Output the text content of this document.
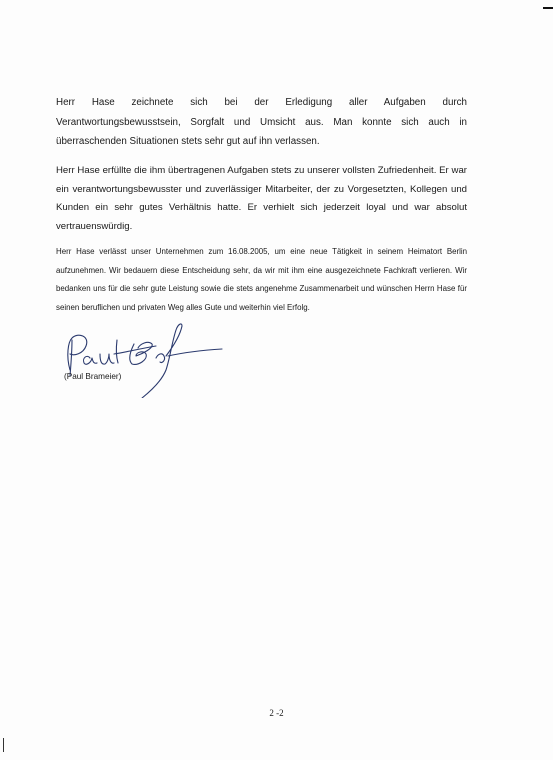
Herr Hase zeichnete sich bei der Erledigung aller Aufgaben durch Verantwortungsbewusstsein, Sorgfalt und Umsicht aus. Man konnte sich auch in überraschenden Situationen stets sehr gut auf ihn verlassen.

Herr Hase erfüllte die ihm übertragenen Aufgaben stets zu unserer vollsten Zufriedenheit. Er war ein verantwortungsbewusster und zuverlässiger Mitarbeiter, der zu Vorgesetzten, Kollegen und Kunden ein sehr gutes Verhältnis hatte. Er verhielt sich jederzeit loyal und war absolut vertrauenswürdig.

Herr Hase verlässt unser Unternehmen zum 16.08.2005, um eine neue Tätigkeit in seinem Heimatort Berlin aufzunehmen. Wir bedauern diese Entscheidung sehr, da wir mit ihm eine ausgezeichnete Fachkraft verlieren. Wir bedanken uns für die sehr gute Leistung sowie die stets angenehme Zusammenarbeit und wünschen Herrn Hase für seinen beruflichen und privaten Weg alles Gute und weiterhin viel Erfolg.

(Paul Brameier)

2 -2
